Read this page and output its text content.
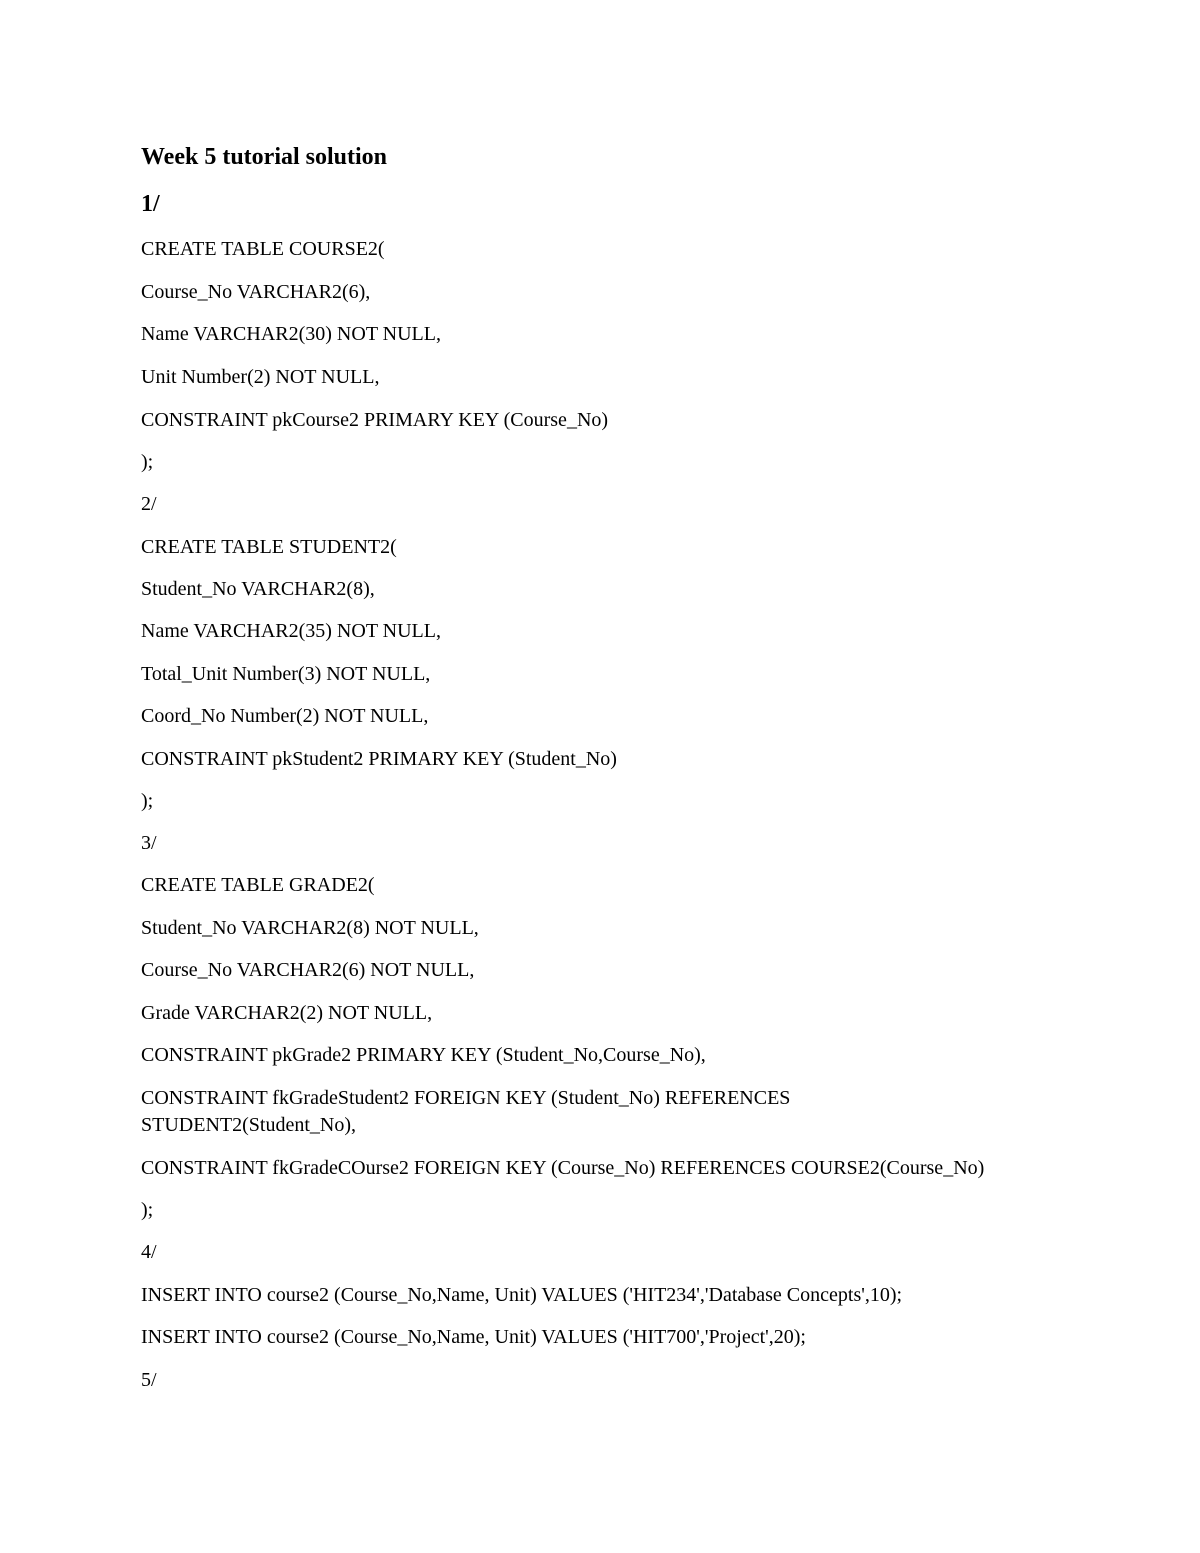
Week 5 tutorial solution
1/
CREATE TABLE COURSE2(
Course_No VARCHAR2(6),
Name VARCHAR2(30) NOT NULL,
Unit Number(2) NOT NULL,
CONSTRAINT pkCourse2 PRIMARY KEY (Course_No)
);
2/
CREATE TABLE STUDENT2(
Student_No VARCHAR2(8),
Name VARCHAR2(35) NOT NULL,
Total_Unit Number(3) NOT NULL,
Coord_No Number(2) NOT NULL,
CONSTRAINT pkStudent2 PRIMARY KEY (Student_No)
);
3/
CREATE TABLE GRADE2(
Student_No VARCHAR2(8) NOT NULL,
Course_No VARCHAR2(6) NOT NULL,
Grade VARCHAR2(2) NOT NULL,
CONSTRAINT pkGrade2 PRIMARY KEY (Student_No,Course_No),
CONSTRAINT fkGradeStudent2 FOREIGN KEY (Student_No) REFERENCES
STUDENT2(Student_No),
CONSTRAINT fkGradeCOurse2 FOREIGN KEY (Course_No) REFERENCES COURSE2(Course_No)
);
4/
INSERT INTO course2 (Course_No,Name, Unit) VALUES ('HIT234','Database Concepts',10);
INSERT INTO course2 (Course_No,Name, Unit) VALUES ('HIT700','Project',20);
5/
